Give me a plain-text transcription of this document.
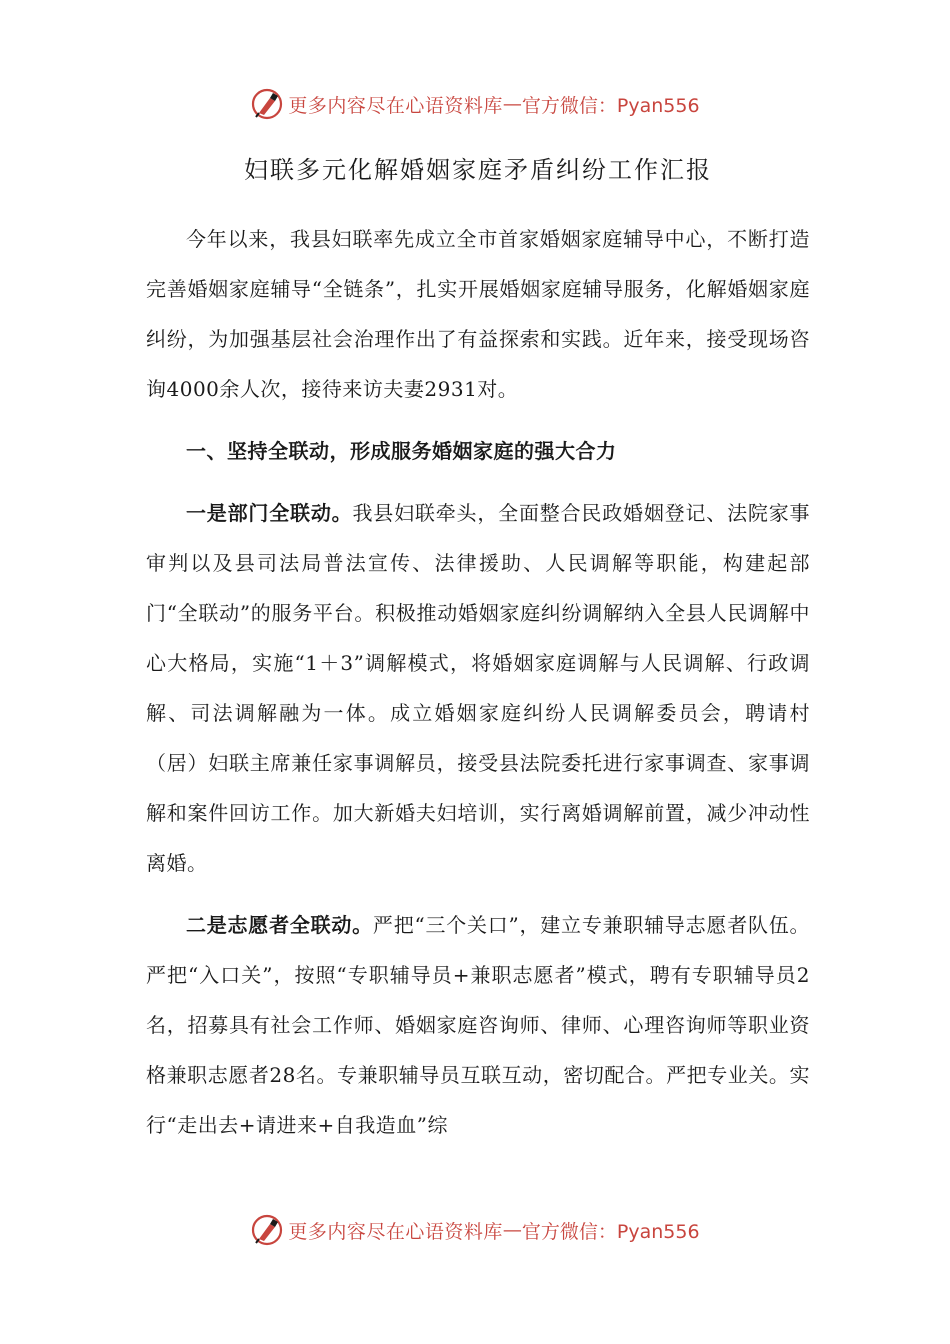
更多内容尽在心语资料库 — 官方微信：Pyan556
妇联多元化解婚姻家庭矛盾纠纷工作汇报

今年以来，我县妇联率先成立全市首家婚姻家庭辅导中心，不断打造完善婚姻家庭辅导“全链条”，扎实开展婚姻家庭辅导服务，化解婚姻家庭纠纷，为加强基层社会治理作出了有益探索和实践。近年来，接受现场咨询4000余人次，接待来访夫妻2931对。

一、坚持全联动，形成服务婚姻家庭的强大合力

一是部门全联动。我县妇联牵头，全面整合民政婚姻登记、法院家事审判以及县司法局普法宣传、法律援助、人民调解等职能，构建起部门“全联动”的服务平台。积极推动婚姻家庭纠纷调解纳入全县人民调解中心大格局，实施“1＋3”调解模式，将婚姻家庭调解与人民调解、行政调解、司法调解融为一体。成立婚姻家庭纠纷人民调解委员会，聘请村（居）妇联主席兼任家事调解员，接受县法院委托进行家事调查、家事调解和案件回访工作。加大新婚夫妇培训，实行离婚调解前置，减少冲动性离婚。

二是志愿者全联动。严把“三个关口”，建立专兼职辅导志愿者队伍。严把“入口关”，按照“专职辅导员+兼职志愿者”模式，聘有专职辅导员2名，招募具有社会工作师、婚姻家庭咨询师、律师、心理咨询师等职业资格兼职志愿者28名。专兼职辅导员互联互动，密切配合。严把专业关。实行“走出去+请进来+自我造血”综

更多内容尽在心语资料库 — 官方微信：Pyan556
